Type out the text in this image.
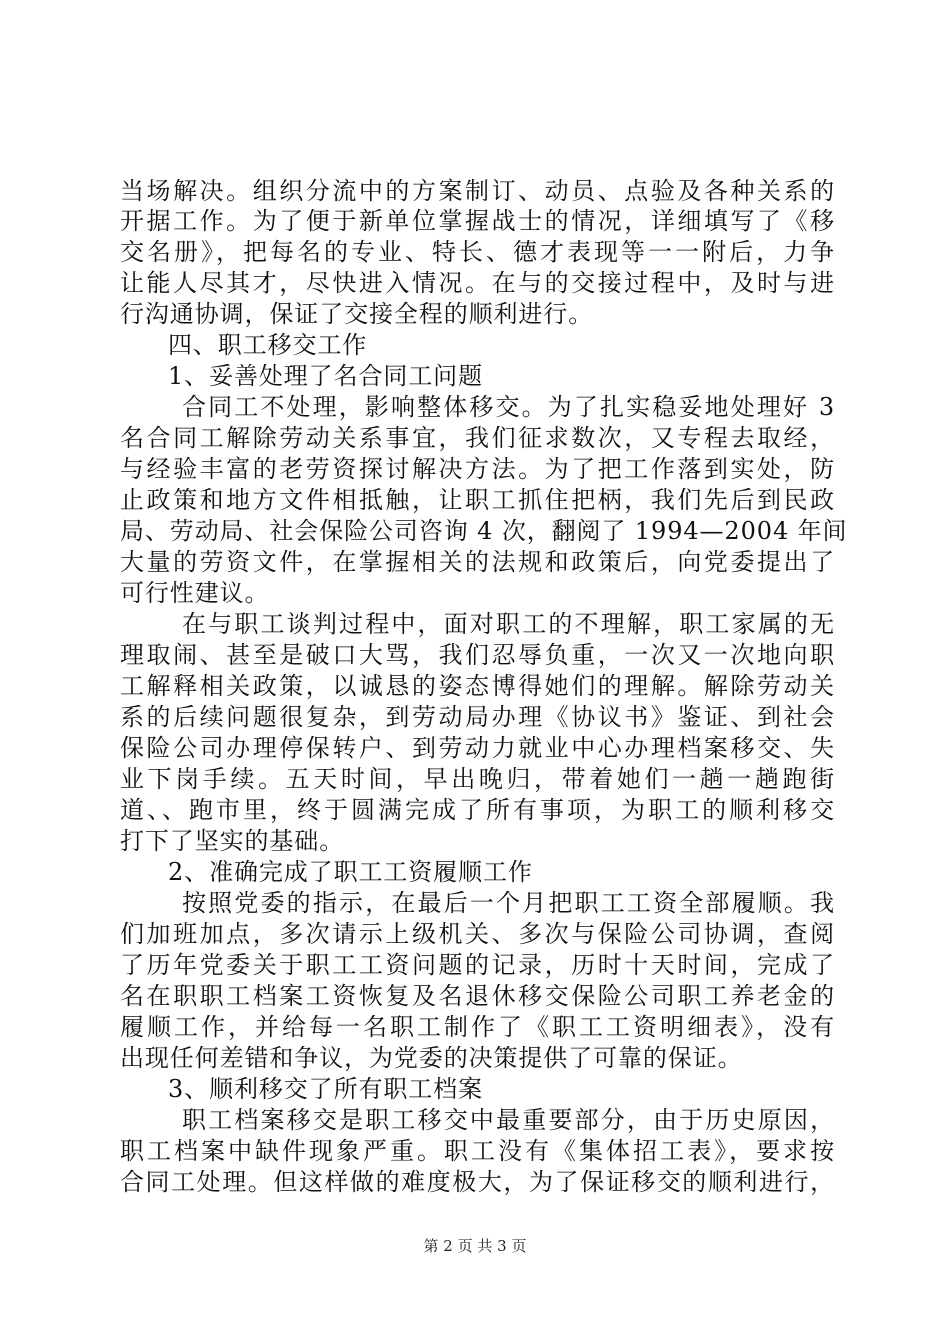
当场解决。组织分流中的方案制订、动员、点验及各种关系的
开据工作。为了便于新单位掌握战士的情况，详细填写了《移
交名册》，把每名的专业、特长、德才表现等一一附后，力争
让能人尽其才，尽快进入情况。在与的交接过程中，及时与进
行沟通协调，保证了交接全程的顺利进行。
四、职工移交工作
1、妥善处理了名合同工问题
合同工不处理，影响整体移交。为了扎实稳妥地处理好 3
名合同工解除劳动关系事宜，我们征求数次，又专程去取经，
与经验丰富的老劳资探讨解决方法。为了把工作落到实处，防
止政策和地方文件相抵触，让职工抓住把柄，我们先后到民政
局、劳动局、社会保险公司咨询 4 次，翻阅了 1994—2004 年间
大量的劳资文件，在掌握相关的法规和政策后，向党委提出了
可行性建议。
在与职工谈判过程中，面对职工的不理解，职工家属的无
理取闹、甚至是破口大骂，我们忍辱负重，一次又一次地向职
工解释相关政策，以诚恳的姿态博得她们的理解。解除劳动关
系的后续问题很复杂，到劳动局办理《协议书》鉴证、到社会
保险公司办理停保转户、到劳动力就业中心办理档案移交、失
业下岗手续。五天时间，早出晚归，带着她们一趟一趟跑街
道、、跑市里，终于圆满完成了所有事项，为职工的顺利移交
打下了坚实的基础。
2、准确完成了职工工资履顺工作
按照党委的指示，在最后一个月把职工工资全部履顺。我
们加班加点，多次请示上级机关、多次与保险公司协调，查阅
了历年党委关于职工工资问题的记录，历时十天时间，完成了
名在职职工档案工资恢复及名退休移交保险公司职工养老金的
履顺工作，并给每一名职工制作了《职工工资明细表》，没有
出现任何差错和争议，为党委的决策提供了可靠的保证。
3、顺利移交了所有职工档案
职工档案移交是职工移交中最重要部分，由于历史原因，
职工档案中缺件现象严重。职工没有《集体招工表》，要求按
合同工处理。但这样做的难度极大，为了保证移交的顺利进行，
第 2 页 共 3 页
